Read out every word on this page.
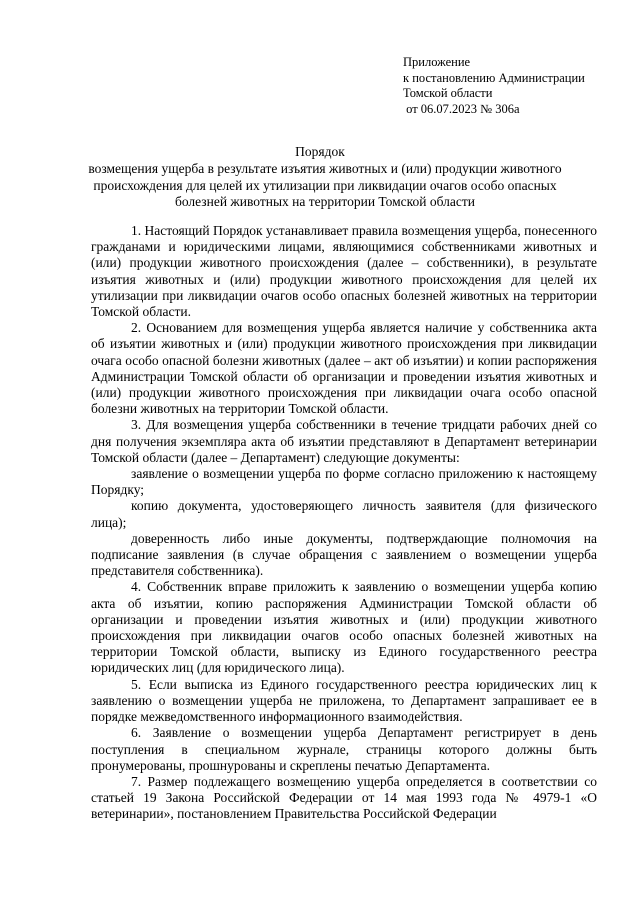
Приложение
к постановлению Администрации
Томской области
от 06.07.2023 № 306а
Порядок
возмещения ущерба в результате изъятия животных и (или) продукции животного происхождения для целей их утилизации при ликвидации очагов особо опасных болезней животных на территории Томской области

1. Настоящий Порядок устанавливает правила возмещения ущерба, понесенного гражданами и юридическими лицами, являющимися собственниками животных и (или) продукции животного происхождения (далее – собственники), в результате изъятия животных и (или) продукции животного происхождения для целей их утилизации при ликвидации очагов особо опасных болезней животных на территории Томской области.

2. Основанием для возмещения ущерба является наличие у собственника акта об изъятии животных и (или) продукции животного происхождения при ликвидации очага особо опасной болезни животных (далее – акт об изъятии) и копии распоряжения Администрации Томской области об организации и проведении изъятия животных и (или) продукции животного происхождения при ликвидации очага особо опасной болезни животных на территории Томской области.

3. Для возмещения ущерба собственники в течение тридцати рабочих дней со дня получения экземпляра акта об изъятии представляют в Департамент ветеринарии Томской области (далее – Департамент) следующие документы:

заявление о возмещении ущерба по форме согласно приложению к настоящему Порядку;

копию документа, удостоверяющего личность заявителя (для физического лица);

доверенность либо иные документы, подтверждающие полномочия на подписание заявления (в случае обращения с заявлением о возмещении ущерба представителя собственника).

4. Собственник вправе приложить к заявлению о возмещении ущерба копию акта об изъятии, копию распоряжения Администрации Томской области об организации и проведении изъятия животных и (или) продукции животного происхождения при ликвидации очагов особо опасных болезней животных на территории Томской области, выписку из Единого государственного реестра юридических лиц (для юридического лица).

5. Если выписка из Единого государственного реестра юридических лиц к заявлению о возмещении ущерба не приложена, то Департамент запрашивает ее в порядке межведомственного информационного взаимодействия.

6. Заявление о возмещении ущерба Департамент регистрирует в день поступления в специальном журнале, страницы которого должны быть пронумерованы, прошнурованы и скреплены печатью Департамента.

7. Размер подлежащего возмещению ущерба определяется в соответствии со статьей 19 Закона Российской Федерации от 14 мая 1993 года № 4979-1 «О ветеринарии», постановлением Правительства Российской Федерации
